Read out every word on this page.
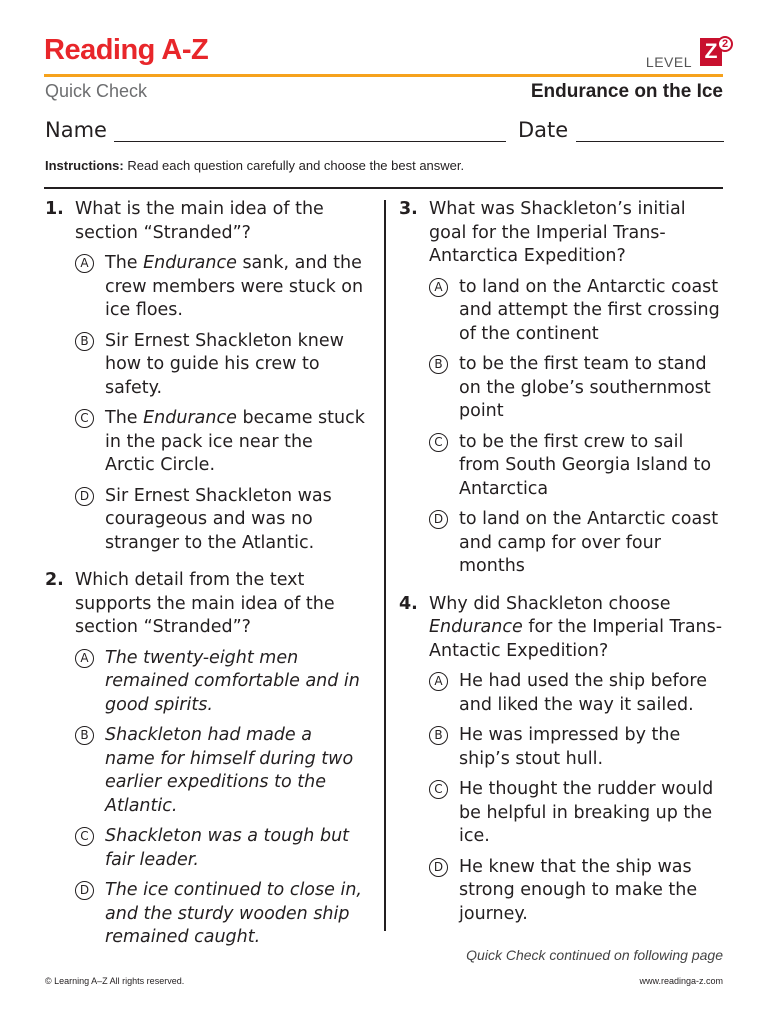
Reading A-Z	LEVEL Z 2
Quick Check	Endurance on the Ice
Name	Date
Instructions: Read each question carefully and choose the best answer.
1. What is the main idea of the section “Stranded”?
A The Endurance sank, and the crew members were stuck on ice floes.
B Sir Ernest Shackleton knew how to guide his crew to safety.
C The Endurance became stuck in the pack ice near the Arctic Circle.
D Sir Ernest Shackleton was courageous and was no stranger to the Atlantic.
2. Which detail from the text supports the main idea of the section “Stranded”?
A The twenty-eight men remained comfortable and in good spirits.
B Shackleton had made a name for himself during two earlier expeditions to the Atlantic.
C Shackleton was a tough but fair leader.
D The ice continued to close in, and the sturdy wooden ship remained caught.
3. What was Shackleton’s initial goal for the Imperial Trans-Antarctica Expedition?
A to land on the Antarctic coast and attempt the first crossing of the continent
B to be the first team to stand on the globe’s southernmost point
C to be the first crew to sail from South Georgia Island to Antarctica
D to land on the Antarctic coast and camp for over four months
4. Why did Shackleton choose Endurance for the Imperial Trans-Antactic Expedition?
A He had used the ship before and liked the way it sailed.
B He was impressed by the ship’s stout hull.
C He thought the rudder would be helpful in breaking up the ice.
D He knew that the ship was strong enough to make the journey.
Quick Check continued on following page
© Learning A–Z All rights reserved.	www.readinga-z.com
